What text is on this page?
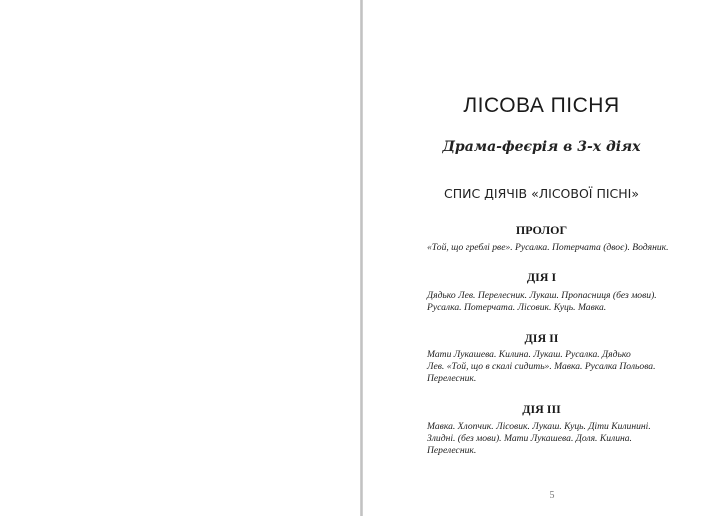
ЛІСОВА ПІСНЯ
Драма-феєрія в 3-х діях
СПИС ДІЯЧІВ «ЛІСОВОЇ ПІСНІ»
ПРОЛОГ
«Той, що греблі рве». Русалка. Потерчата (двоє). Водяник.
ДІЯ І
Дядько Лев. Перелесник. Лукаш. Пропасниця (без мови).
Русалка. Потерчата. Лісовик. Куць. Мавка.
ДІЯ ІІ
Мати Лукашева. Килина. Лукаш. Русалка. Дядько
Лев. «Той, що в скалі сидить». Мавка. Русалка Польова.
Перелесник.
ДІЯ ІІІ
Мавка. Хлопчик. Лісовик. Лукаш. Куць. Діти Килинині.
Злидні. (без мови). Мати Лукашева. Доля. Килина.
Перелесник.
5
